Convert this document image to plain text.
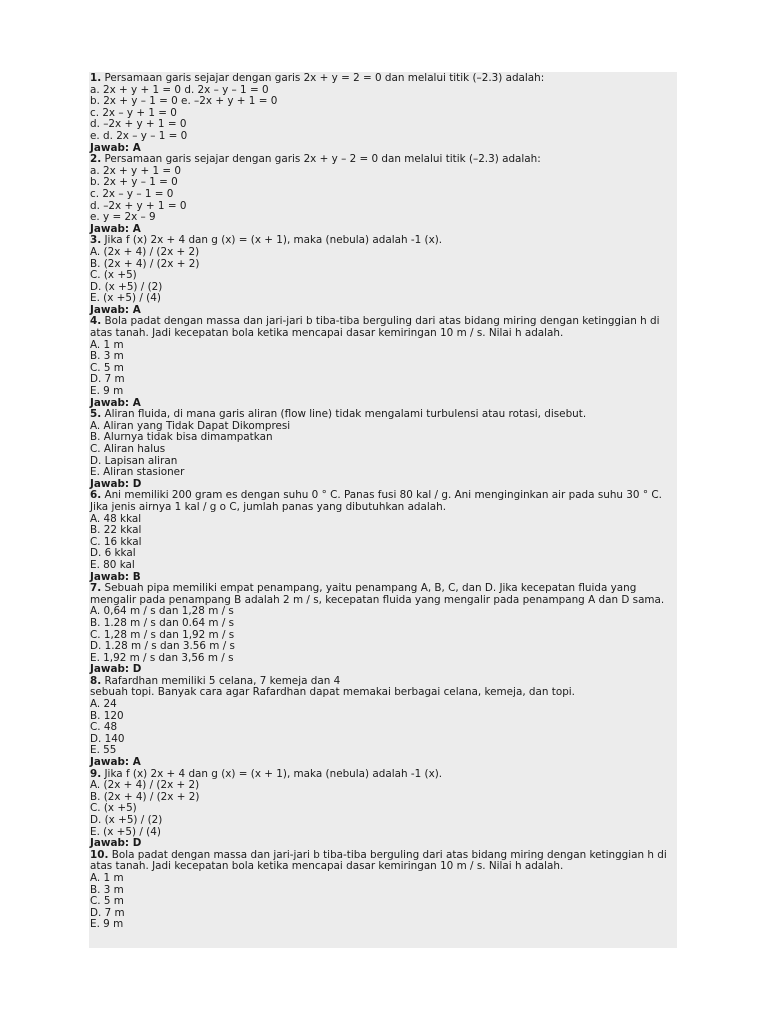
1. Persamaan garis sejajar dengan garis 2x + y = 2 = 0 dan melalui titik (–2.3) adalah:

a. 2x + y + 1 = 0 d. 2x – y – 1 = 0
b. 2x + y – 1 = 0 e. –2x + y + 1 = 0
c. 2x – y + 1 = 0
d. –2x + y + 1 = 0
e. d. 2x – y – 1 = 0
Jawab: A

2. Persamaan garis sejajar dengan garis 2x + y – 2 = 0 dan melalui titik (–2.3) adalah:

a. 2x + y + 1 = 0
b. 2x + y – 1 = 0
c. 2x – y – 1 = 0
d. –2x + y + 1 = 0
e. y = 2x – 9
Jawab: A

3. Jika f (x) 2x + 4 dan g (x) = (x + 1), maka (nebula) adalah -1 (x).

A. (2x + 4) / (2x + 2)
B. (2x + 4) / (2x + 2)
C. (x +5)
D. (x +5) / (2)
E. (x +5) / (4)
Jawab: A

4. Bola padat dengan massa dan jari-jari b tiba-tiba berguling dari atas bidang miring dengan ketinggian h di atas tanah. Jadi kecepatan bola ketika mencapai dasar kemiringan 10 m / s. Nilai h adalah.

A. 1 m
B. 3 m
C. 5 m
D. 7 m
E. 9 m
Jawab: A

5. Aliran fluida, di mana garis aliran (flow line) tidak mengalami turbulensi atau rotasi, disebut.

A. Aliran yang Tidak Dapat Dikompresi
B. Alurnya tidak bisa dimampatkan
C. Aliran halus
D. Lapisan aliran
E. Aliran stasioner
Jawab: D

6. Ani memiliki 200 gram es dengan suhu 0 ° C. Panas fusi 80 kal / g. Ani menginginkan air pada suhu 30 ° C. Jika jenis airnya 1 kal / g o C, jumlah panas yang dibutuhkan adalah.

A. 48 kkal
B. 22 kkal
C. 16 kkal
D. 6 kkal
E. 80 kal
Jawab: B

7. Sebuah pipa memiliki empat penampang, yaitu penampang A, B, C, dan D. Jika kecepatan fluida yang mengalir pada penampang B adalah 2 m / s, kecepatan fluida yang mengalir pada penampang A dan D sama.

A. 0,64 m / s dan 1,28 m / s
B. 1.28 m / s dan 0.64 m / s
C. 1,28 m / s dan 1,92 m / s
D. 1.28 m / s dan 3.56 m / s
E. 1,92 m / s dan 3,56 m / s
Jawab: D

8. Rafardhan memiliki 5 celana, 7 kemeja dan 4

sebuah topi. Banyak cara agar Rafardhan dapat memakai berbagai celana, kemeja, dan topi.

A. 24
B. 120
C. 48
D. 140
E. 55
Jawab: A

9. Jika f (x) 2x + 4 dan g (x) = (x + 1), maka (nebula) adalah -1 (x).

A. (2x + 4) / (2x + 2)
B. (2x + 4) / (2x + 2)
C. (x +5)
D. (x +5) / (2)
E. (x +5) / (4)
Jawab: D

10. Bola padat dengan massa dan jari-jari b tiba-tiba berguling dari atas bidang miring dengan ketinggian h di atas tanah. Jadi kecepatan bola ketika mencapai dasar kemiringan 10 m / s. Nilai h adalah.

A. 1 m
B. 3 m
C. 5 m
D. 7 m
E. 9 m
